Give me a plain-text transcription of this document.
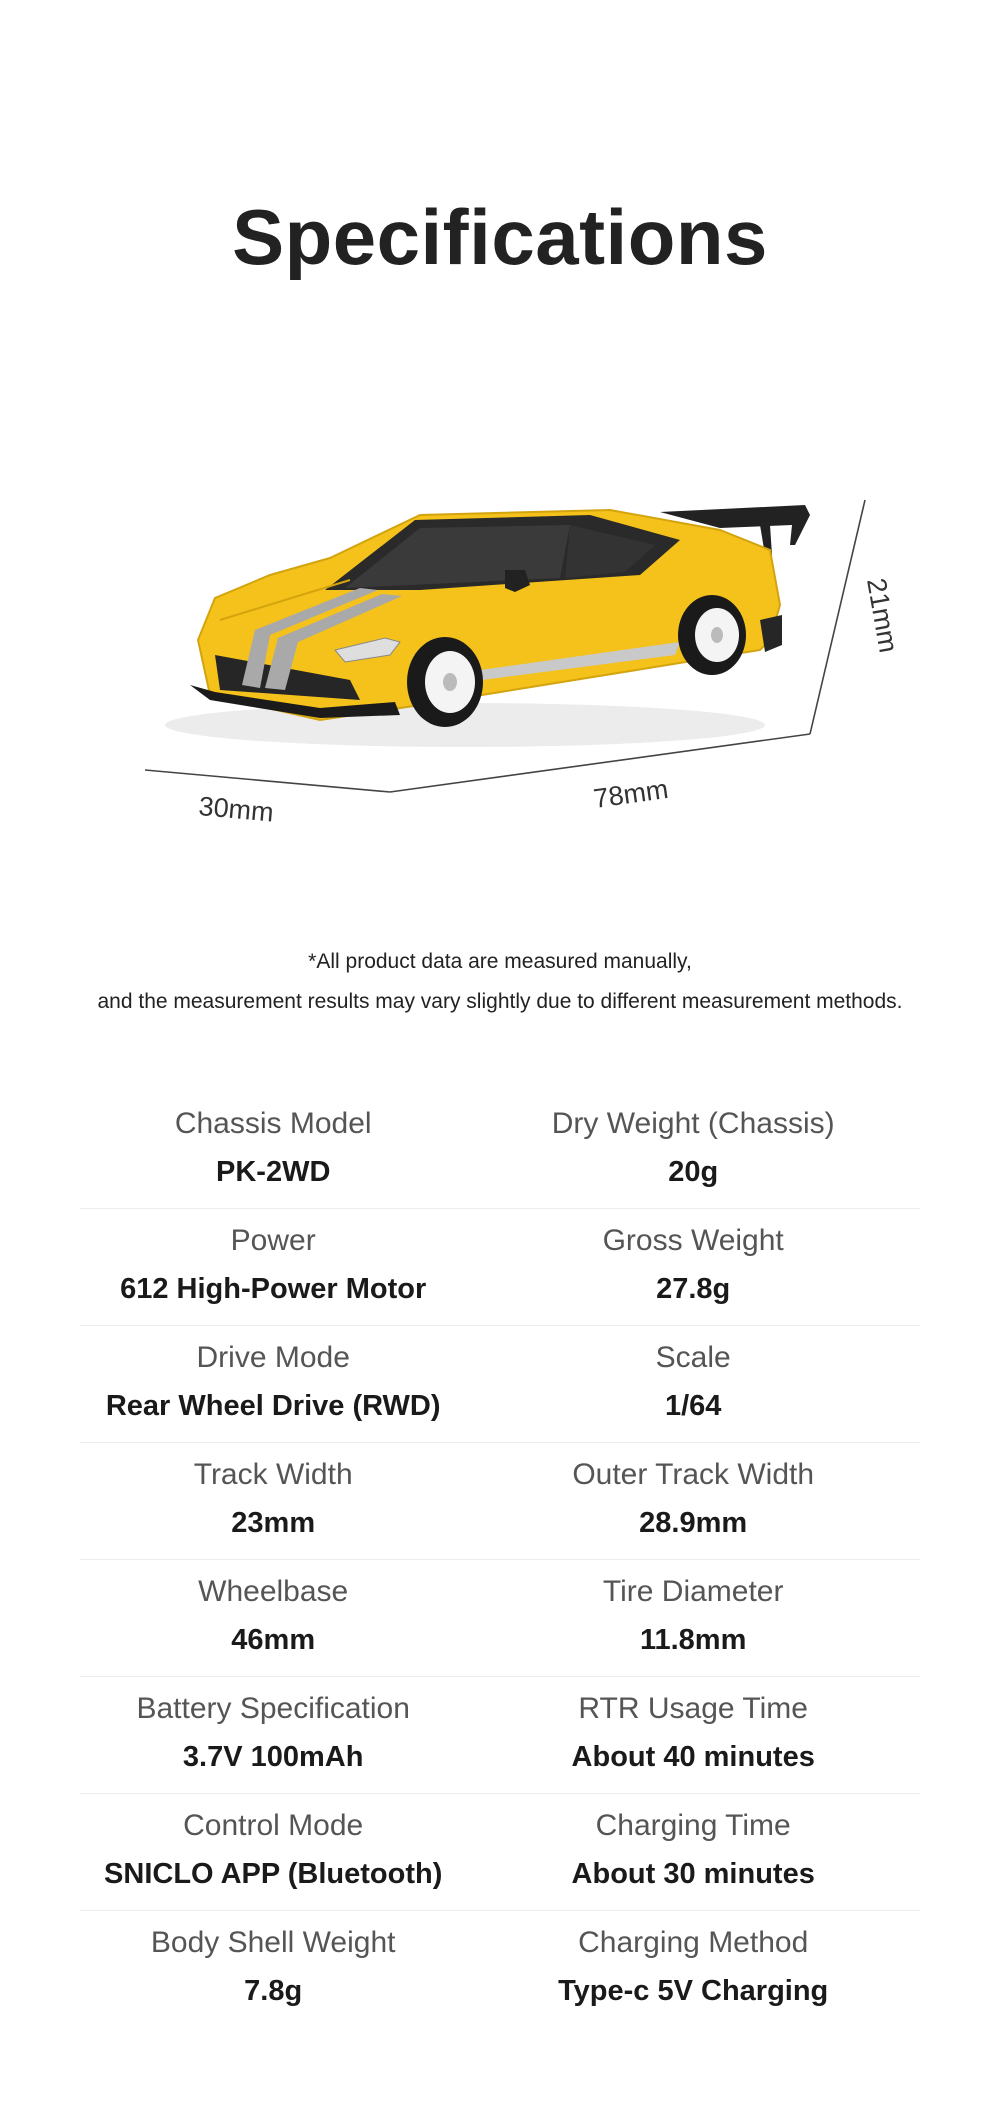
Specifications
30mm	78mm
21mm
*All product data are measured manually,
and the measurement results may vary slightly due to different measurement methods.
Chassis Model
PK-2WD
Dry Weight (Chassis)
20g
Power
612 High-Power Motor
Gross Weight
27.8g
Drive Mode
Rear Wheel Drive (RWD)
Scale
1/64
Track Width
23mm
Outer Track Width
28.9mm
Wheelbase
46mm
Tire Diameter
11.8mm
Battery Specification
3.7V 100mAh
RTR Usage Time
About 40 minutes
Control Mode
SNICLO APP (Bluetooth)
Charging Time
About 30 minutes
Body Shell Weight
7.8g
Charging Method
Type-c 5V Charging
